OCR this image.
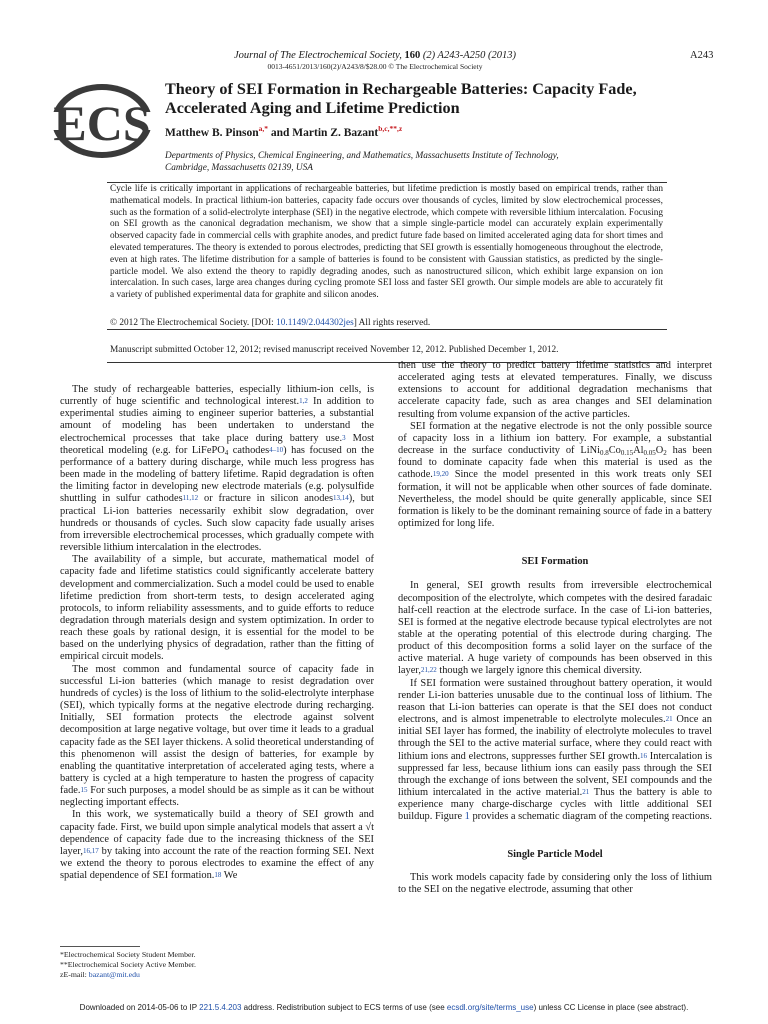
Journal of The Electrochemical Society, 160 (2) A243-A250 (2013)
0013-4651/2013/160(2)/A243/8/$28.00 © The Electrochemical Society
A243
ECS
Theory of SEI Formation in Rechargeable Batteries: Capacity Fade, Accelerated Aging and Lifetime Prediction
Matthew B. Pinson$^{a,*}$ and Martin Z. Bazant$^{b,c,**,z}$
Departments of Physics, Chemical Engineering, and Mathematics, Massachusetts Institute of Technology,
Cambridge, Massachusetts 02139, USA
Cycle life is critically important in applications of rechargeable batteries, but lifetime prediction is mostly based on empirical trends, rather than mathematical models. In practical lithium-ion batteries, capacity fade occurs over thousands of cycles, limited by slow electrochemical processes, such as the formation of a solid-electrolyte interphase (SEI) in the negative electrode, which compete with reversible lithium intercalation. Focusing on SEI growth as the canonical degradation mechanism, we show that a simple single-particle model can accurately explain experimentally observed capacity fade in commercial cells with graphite anodes, and predict future fade based on limited accelerated aging data for short times and elevated temperatures. The theory is extended to porous electrodes, predicting that SEI growth is essentially homogeneous throughout the electrode, even at high rates. The lifetime distribution for a sample of batteries is found to be consistent with Gaussian statistics, as predicted by the single-particle model. We also extend the theory to rapidly degrading anodes, such as nanostructured silicon, which exhibit large expansion on ion intercalation. In such cases, large area changes during cycling promote SEI loss and faster SEI growth. Our simple models are able to accurately fit a variety of published experimental data for graphite and silicon anodes.
© 2012 The Electrochemical Society. [DOI: 10.1149/2.044302jes] All rights reserved.
Manuscript submitted October 12, 2012; revised manuscript received November 12, 2012. Published December 1, 2012.

The study of rechargeable batteries, especially lithium-ion cells, is currently of huge scientific and technological interest.$^{1,2}$ In addition to experimental studies aiming to engineer superior batteries, a substantial amount of modeling has been undertaken to understand the electrochemical processes that take place during battery use.$^3$ Most theoretical modeling (e.g. for LiFePO4 cathodes$^{4-10}$) has focused on the performance of a battery during discharge, while much less progress has been made in the modeling of battery lifetime. Rapid degradation is often the limiting factor in developing new electrode materials (e.g. polysulfide shuttling in sulfur cathodes$^{11,12}$ or fracture in silicon anodes$^{13,14}$), but practical Li-ion batteries necessarily exhibit slow degradation, over hundreds or thousands of cycles. Such slow capacity fade usually arises from irreversible electrochemical processes, which gradually compete with reversible lithium intercalation in the electrodes.

The availability of a simple, but accurate, mathematical model of capacity fade and lifetime statistics could significantly accelerate battery development and commercialization. Such a model could be used to enable lifetime prediction from short-term tests, to design accelerated aging protocols, to inform reliability assessments, and to guide efforts to reduce degradation through materials design and system optimization. In order to reach these goals by rational design, it is essential for the model to be based on the underlying physics of degradation, rather than the fitting of empirical circuit models.

The most common and fundamental source of capacity fade in successful Li-ion batteries (which manage to resist degradation over hundreds of cycles) is the loss of lithium to the solid-electrolyte interphase (SEI), which typically forms at the negative electrode during recharging. Initially, SEI formation protects the electrode against solvent decomposition at large negative voltage, but over time it leads to a gradual capacity fade as the SEI layer thickens. A solid theoretical understanding of this phenomenon will assist the design of batteries, for example by enabling the quantitative interpretation of accelerated aging tests, where a battery is cycled at a high temperature to hasten the progress of capacity fade.$^{15}$ For such purposes, a model should be as simple as it can be without neglecting important effects.

In this work, we systematically build a theory of SEI growth and capacity fade. First, we build upon simple analytical models that assert a √t dependence of capacity fade due to the increasing thickness of the SEI layer,$^{16,17}$ by taking into account the rate of the reaction forming SEI. Next we extend the theory to porous electrodes to examine the effect of any spatial dependence of SEI formation.$^{18}$ We

*Electrochemical Society Student Member.
**Electrochemical Society Active Member.
zE-mail: bazant@mit.edu

then use the theory to predict battery lifetime statistics and interpret accelerated aging tests at elevated temperatures. Finally, we discuss extensions to account for additional degradation mechanisms that accelerate capacity fade, such as area changes and SEI delamination resulting from volume expansion of the active particles.

SEI formation at the negative electrode is not the only possible source of capacity loss in a lithium ion battery. For example, a substantial decrease in the surface conductivity of LiNi0.8Co0.15Al0.05O2 has been found to dominate capacity fade when this material is used as the cathode.$^{19,20}$ Since the model presented in this work treats only SEI formation, it will not be applicable when other sources of fade dominate. Nevertheless, the model should be quite generally applicable, since SEI formation is likely to be the dominant remaining source of fade in a battery optimized for long life.

SEI Formation

In general, SEI growth results from irreversible electrochemical decomposition of the electrolyte, which competes with the desired faradaic half-cell reaction at the electrode surface. In the case of Li-ion batteries, SEI is formed at the negative electrode because typical electrolytes are not stable at the operating potential of this electrode during charging. The product of this decomposition forms a solid layer on the surface of the active material. A huge variety of compounds has been observed in this layer,$^{21,22}$ though we largely ignore this chemical diversity.

If SEI formation were sustained throughout battery operation, it would render Li-ion batteries unusable due to the continual loss of lithium. The reason that Li-ion batteries can operate is that the SEI does not conduct electrons, and is almost impenetrable to electrolyte molecules.$^{21}$ Once an initial SEI layer has formed, the inability of electrolyte molecules to travel through the SEI to the active material surface, where they could react with lithium ions and electrons, suppresses further SEI growth.$^{16}$ Intercalation is suppressed far less, because lithium ions can easily pass through the SEI through the exchange of ions between the solvent, SEI compounds and the lithium intercalated in the active material.$^{21}$ Thus the battery is able to experience many charge-discharge cycles with little additional SEI buildup. Figure 1 provides a schematic diagram of the competing reactions.

Single Particle Model

This work models capacity fade by considering only the loss of lithium to the SEI on the negative electrode, assuming that other

Downloaded on 2014-05-06 to IP 221.5.4.203 address. Redistribution subject to ECS terms of use (see ecsdl.org/site/terms_use) unless CC License in place (see abstract).
